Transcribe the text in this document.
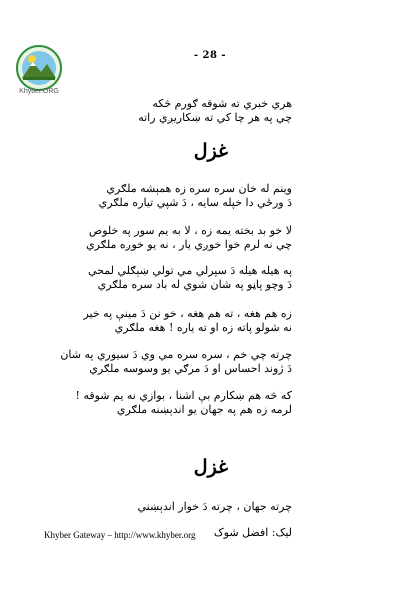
Khyber.ORG
- 28 -
هري خبري ته شوقه ګورم څکه
چي په هر چا کي ته ښکاريږي راته
غزل
وينم له خان سره سره زه همېشه ملګري
دَ ورځي دا خپله سايه ، دَ شپي تياره ملګري
لا خو بد بخته يمه زه ، لا به يم سور په خلوص
چي نه لرم خوا خوږي يار ، نه يو خوږه ملګري
په هيله هيله دَ سپرلي مي تولي ښېګلي لمحي
دَ وچو پاڼو په شان شوي له باد سره ملګري
زه هم هغه ، ته هم هغه ، خو نن دَ مينې په خير
نه شولو پاته زه او ته ياره ! هغه ملګري
چرته چي خم ، سره سره مي وي دَ سيوري په شان
دَ ژوند احساس او دَ مرګي يو وسوسه ملګري
که څه هم ښکارم بې اشنا ، بوازي نه يم شوقه !
لرمه زه هم په جهان يو اندېښنه ملګري
غزل
چرته جهان ، چرته دَ خوار اندېښني
Khyber Gateway – http://www.khyber.org ليک: افضل شوک
